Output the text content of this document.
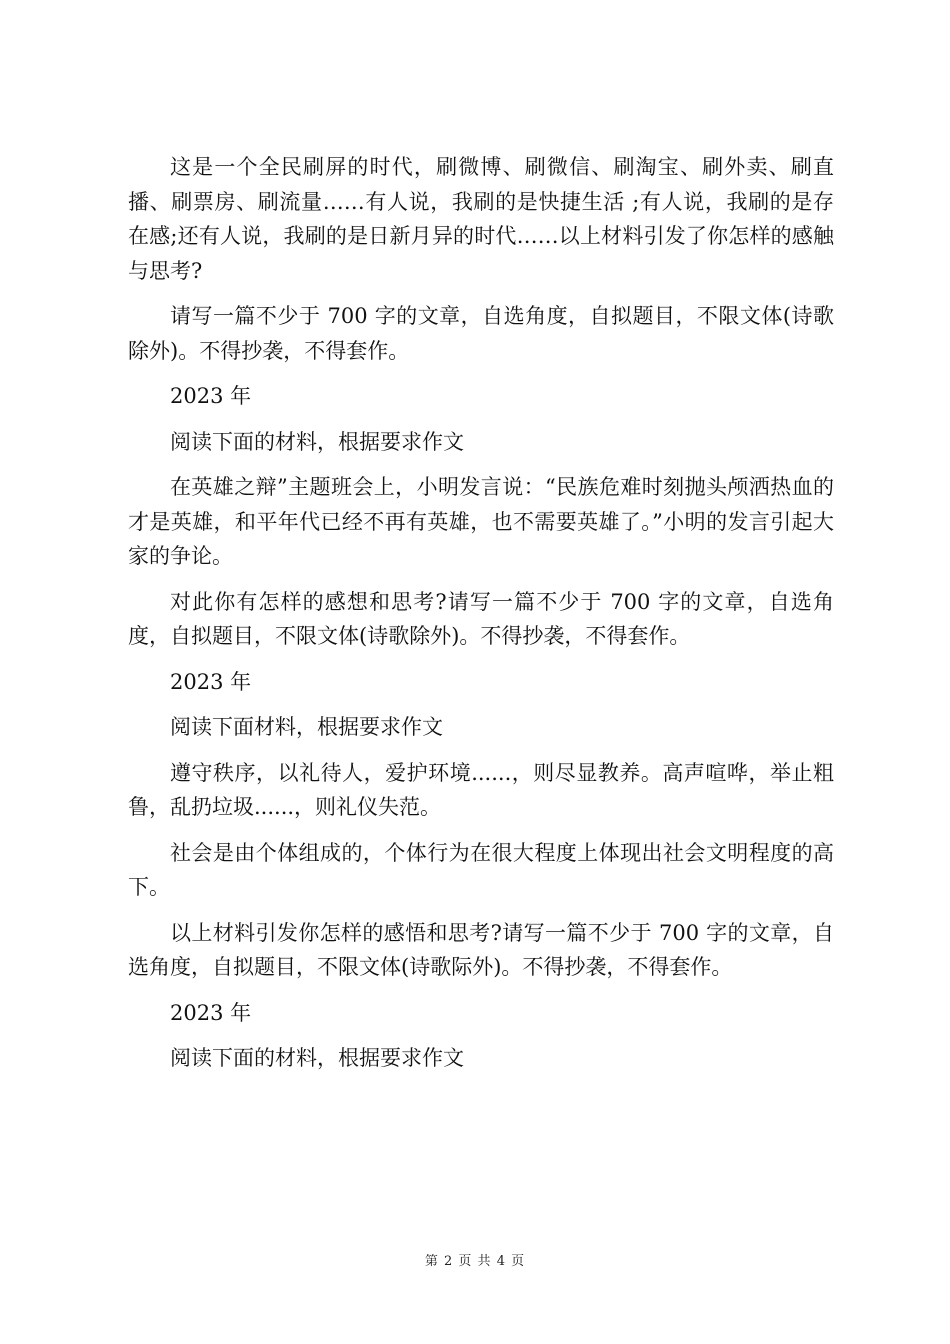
这是一个全民刷屏的时代，刷微博、刷微信、刷淘宝、刷外卖、刷直播、刷票房、刷流量……有人说，我刷的是快捷生活 ;有人说，我刷的是存在感;还有人说，我刷的是日新月异的时代……以上材料引发了你怎样的感触与思考?

请写一篇不少于 700 字的文章，自选角度，自拟题目，不限文体(诗歌除外)。不得抄袭，不得套作。

2023 年

阅读下面的材料，根据要求作文

在英雄之辩”主题班会上，小明发言说：“民族危难时刻抛头颅洒热血的才是英雄，和平年代已经不再有英雄，也不需要英雄了。”小明的发言引起大家的争论。

对此你有怎样的感想和思考?请写一篇不少于 700 字的文章，自选角度，自拟题目，不限文体(诗歌除外)。不得抄袭，不得套作。

2023 年

阅读下面材料，根据要求作文

遵守秩序，以礼待人，爱护环境......，则尽显教养。高声喧哗，举止粗鲁，乱扔垃圾......，则礼仪失范。

社会是由个体组成的，个体行为在很大程度上体现出社会文明程度的高下。

以上材料引发你怎样的感悟和思考?请写一篇不少于 700 字的文章，自选角度，自拟题目，不限文体(诗歌际外)。不得抄袭，不得套作。

2023 年

阅读下面的材料，根据要求作文

第 2 页 共 4 页
